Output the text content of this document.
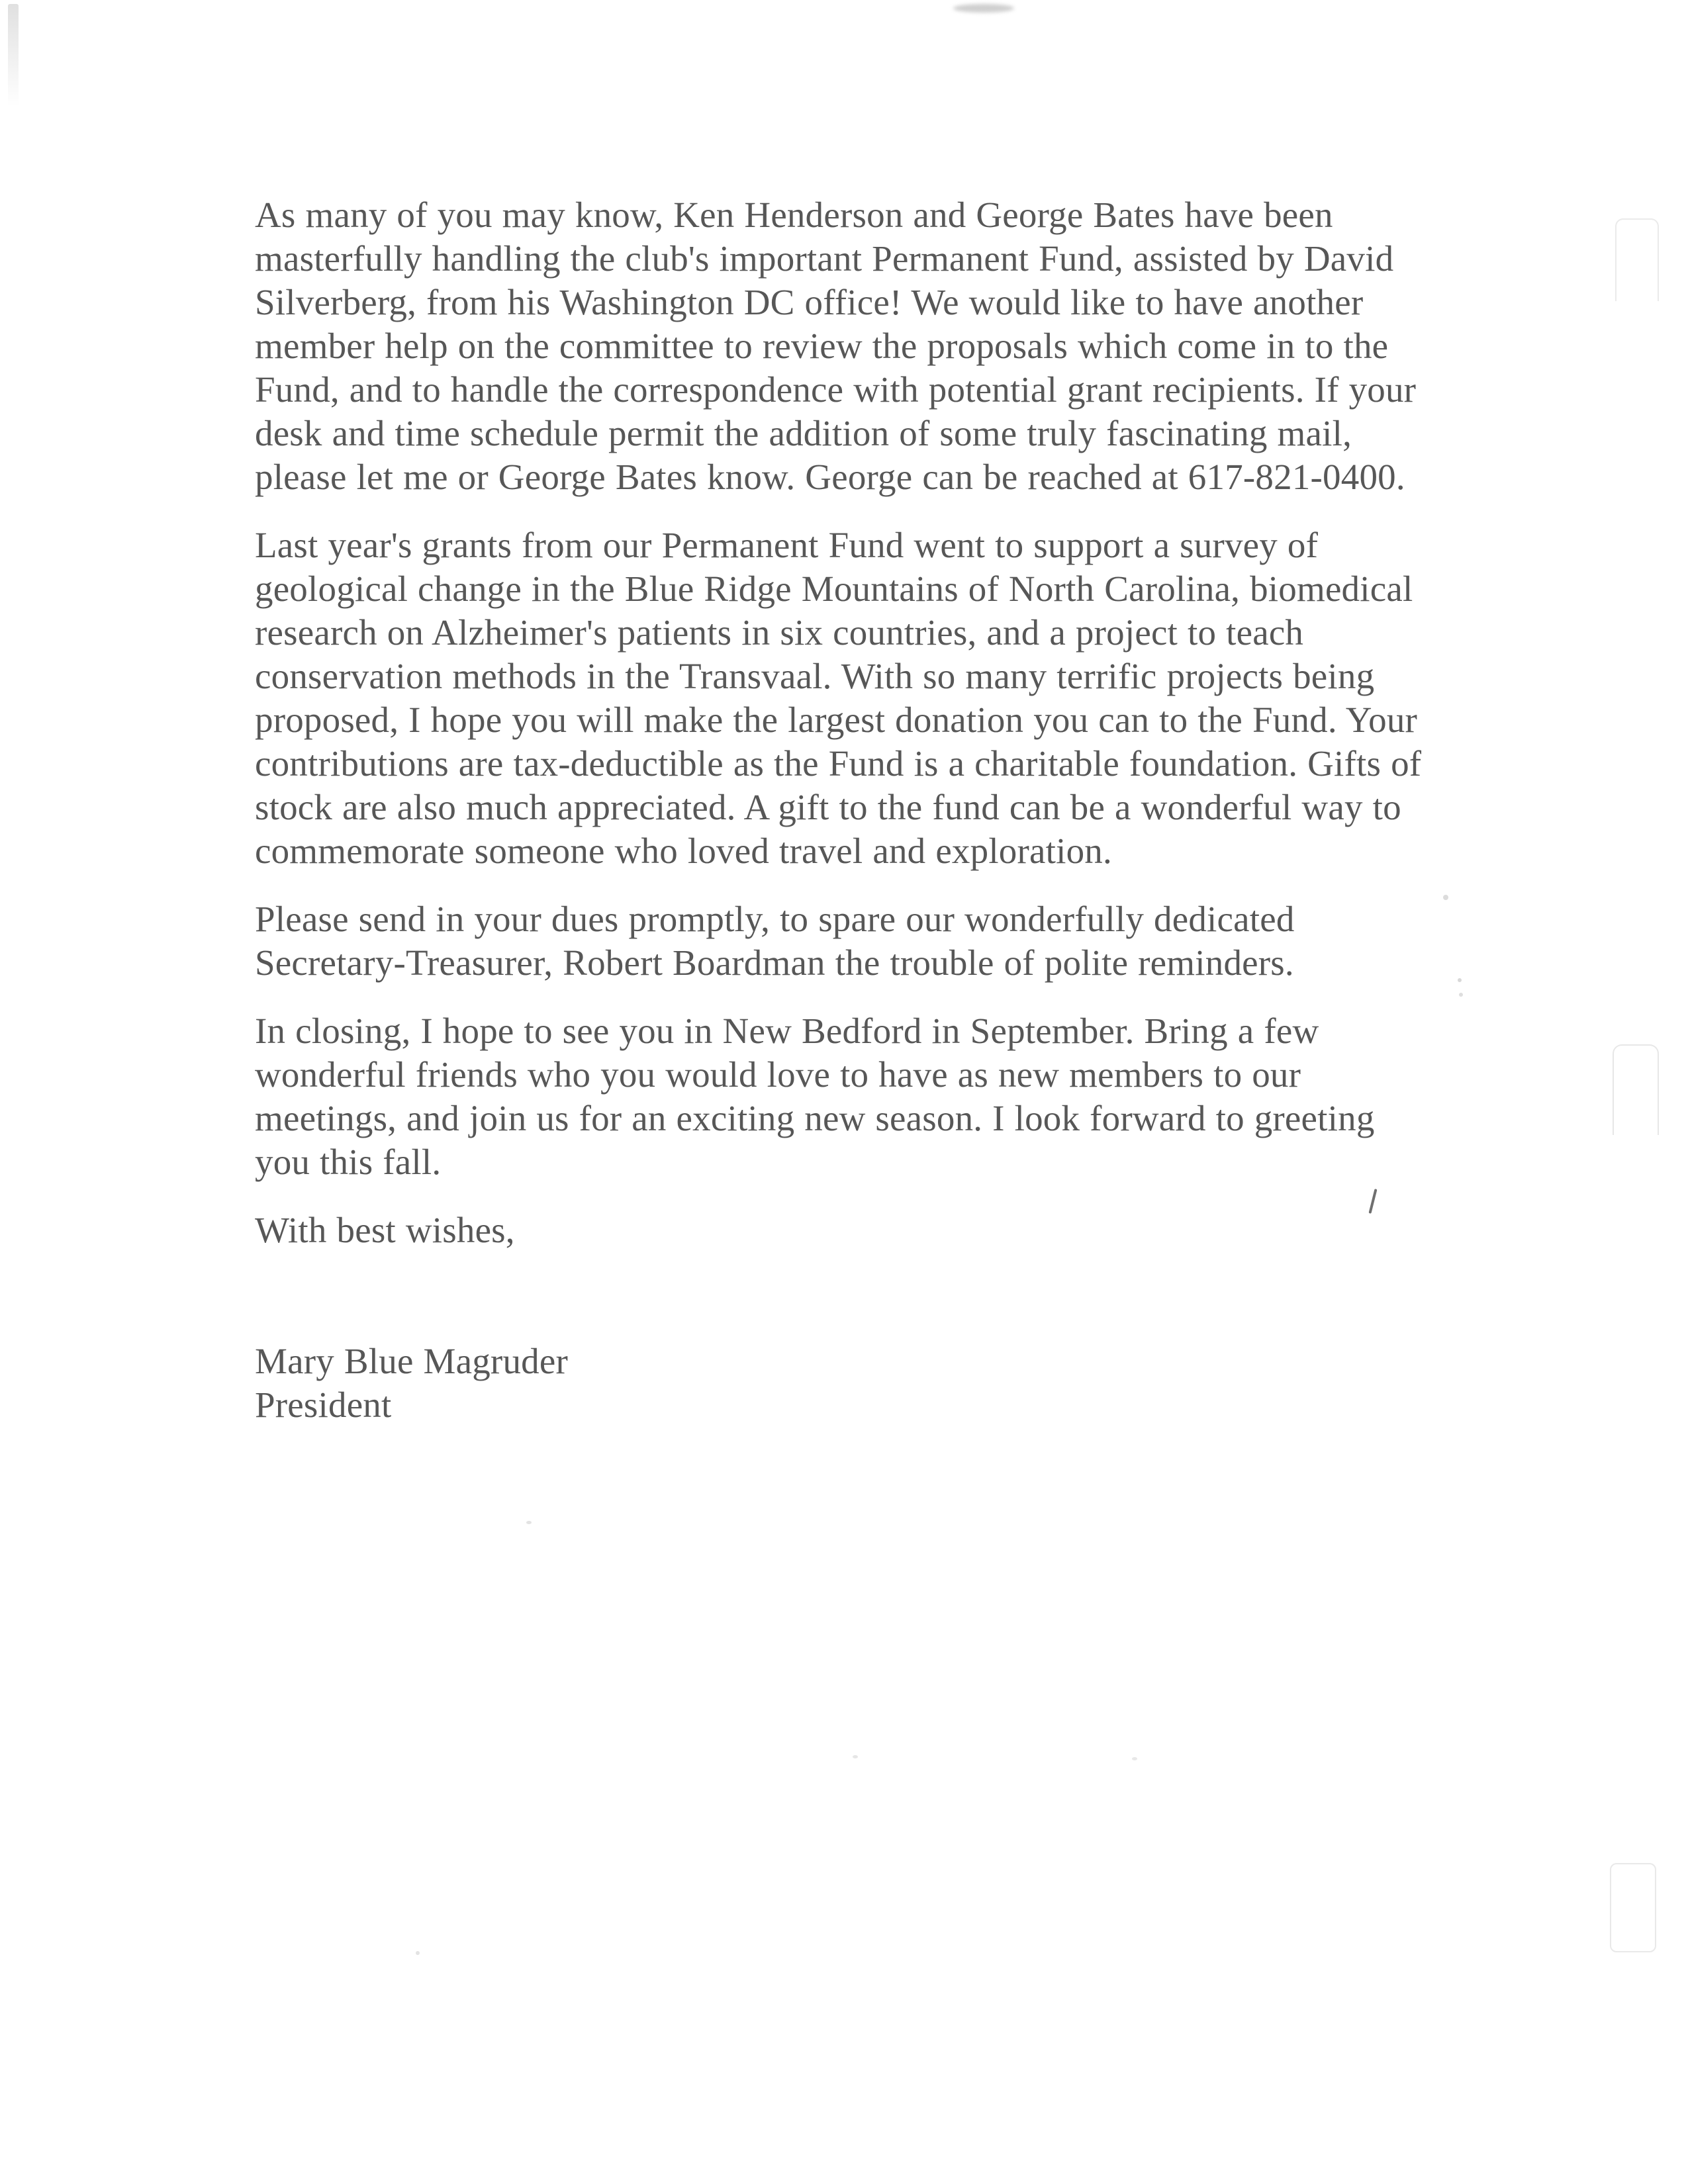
As many of you may know, Ken Henderson and George Bates have been masterfully handling the club's important Permanent Fund, assisted by David Silverberg, from his Washington DC office! We would like to have another member help on the committee to review the proposals which come in to the Fund, and to handle the correspondence with potential grant recipients. If your desk and time schedule permit the addition of some truly fascinating mail, please let me or George Bates know. George can be reached at 617-821-0400.

Last year's grants from our Permanent Fund went to support a survey of geological change in the Blue Ridge Mountains of North Carolina, biomedical research on Alzheimer's patients in six countries, and a project to teach conservation methods in the Transvaal. With so many terrific projects being proposed, I hope you will make the largest donation you can to the Fund. Your contributions are tax-deductible as the Fund is a charitable foundation. Gifts of stock are also much appreciated. A gift to the fund can be a wonderful way to commemorate someone who loved travel and exploration.

Please send in your dues promptly, to spare our wonderfully dedicated Secretary-Treasurer, Robert Boardman the trouble of polite reminders.

In closing, I hope to see you in New Bedford in September. Bring a few wonderful friends who you would love to have as new members to our meetings, and join us for an exciting new season. I look forward to greeting you this fall.

With best wishes,

Mary Blue Magruder

President
